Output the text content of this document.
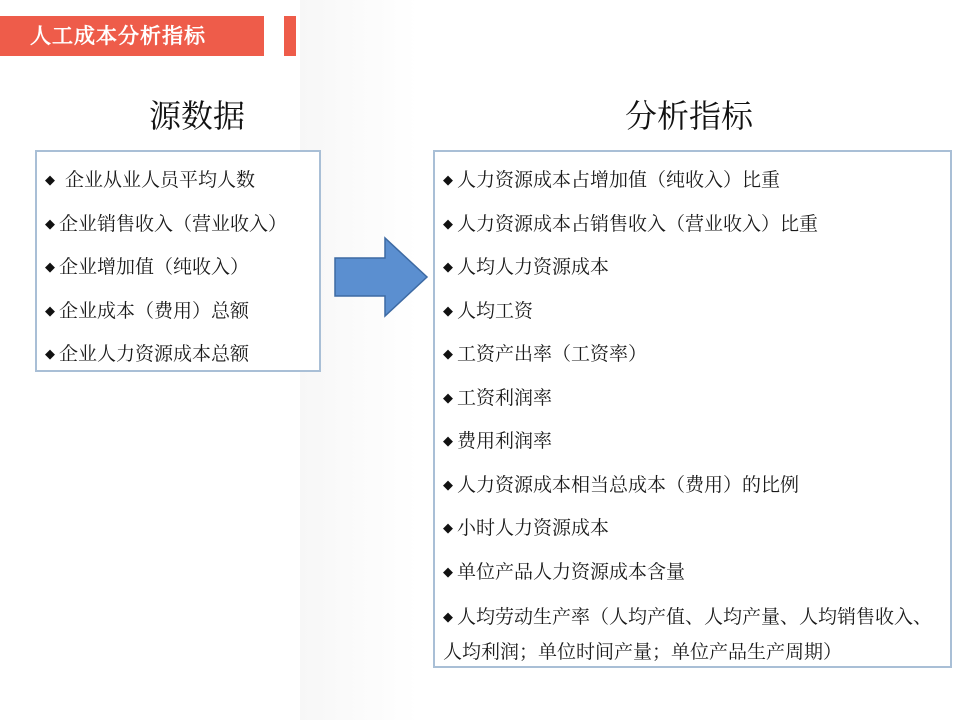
人工成本分析指标
源数据	分析指标
◆ 企业从业人员平均人数
◆ 企业销售收入（营业收入）
◆ 企业增加值（纯收入）
◆ 企业成本（费用）总额
◆ 企业人力资源成本总额
◆ 人力资源成本占增加值（纯收入）比重
◆ 人力资源成本占销售收入（营业收入）比重
◆ 人均人力资源成本
◆ 人均工资
◆ 工资产出率（工资率）
◆ 工资利润率
◆ 费用利润率
◆ 人力资源成本相当总成本（费用）的比例
◆ 小时人力资源成本
◆ 单位产品人力资源成本含量
◆ 人均劳动生产率（人均产值、人均产量、人均销售收入、人均利润；单位时间产量；单位产品生产周期）
